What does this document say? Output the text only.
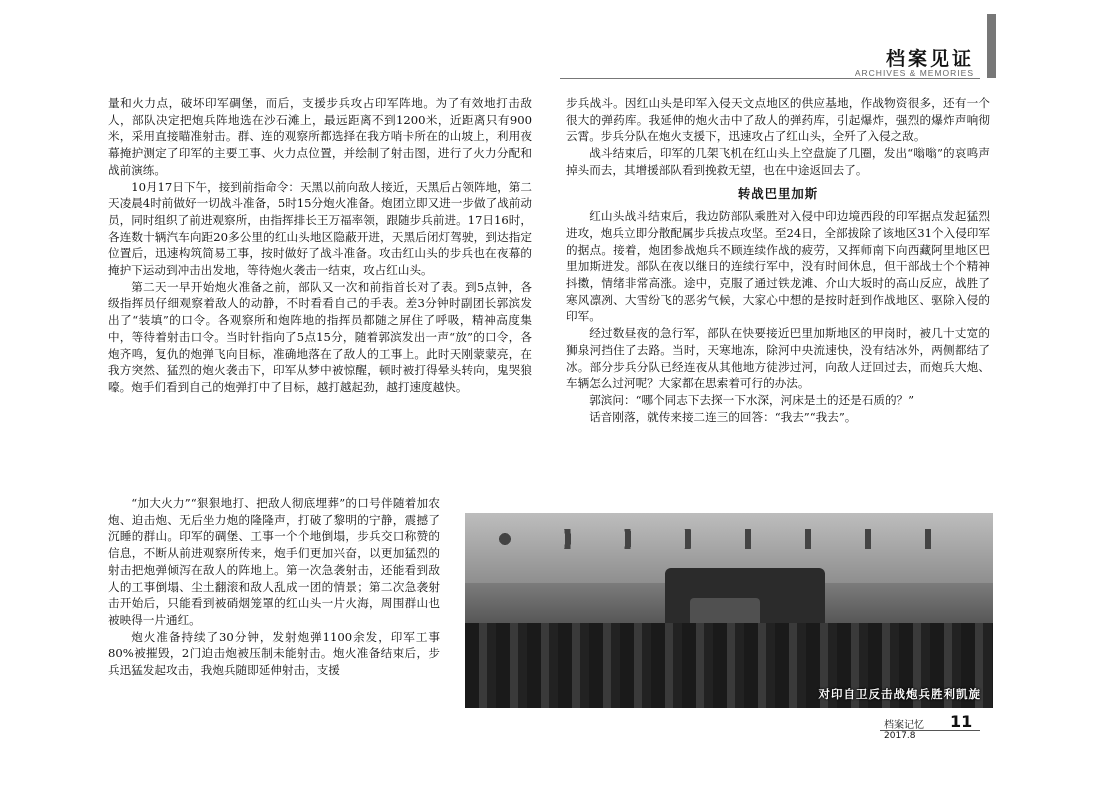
档案见证
ARCHIVES & MEMORIES

量和火力点，破坏印军碉堡，而后，支援步兵攻占印军阵地。为了有效地打击敌人，部队决定把炮兵阵地选在沙石滩上，最远距离不到1200米，近距离只有900米，采用直接瞄准射击。群、连的观察所都选择在我方哨卡所在的山坡上，利用夜幕掩护测定了印军的主要工事、火力点位置，并绘制了射击图，进行了火力分配和战前演练。

10月17日下午，接到前指命令：天黑以前向敌人接近，天黑后占领阵地，第二天凌晨4时前做好一切战斗准备，5时15分炮火准备。炮团立即又进一步做了战前动员，同时组织了前进观察所，由指挥排长王万福率领，跟随步兵前进。17日16时，各连数十辆汽车向距20多公里的红山头地区隐蔽开进，天黑后闭灯驾驶，到达指定位置后，迅速构筑简易工事，按时做好了战斗准备。攻击红山头的步兵也在夜幕的掩护下运动到冲击出发地，等待炮火袭击一结束，攻占红山头。

第二天一早开始炮火准备之前，部队又一次和前指首长对了表。到5点钟，各级指挥员仔细观察着敌人的动静，不时看看自己的手表。差3分钟时副团长郭滨发出了“装填”的口令。各观察所和炮阵地的指挥员都随之屏住了呼吸，精神高度集中，等待着射击口令。当时针指向了5点15分，随着郭滨发出一声“放”的口令，各炮齐鸣，复仇的炮弹飞向目标，准确地落在了敌人的工事上。此时天刚蒙蒙亮，在我方突然、猛烈的炮火袭击下，印军从梦中被惊醒，顿时被打得晕头转向，鬼哭狼嚎。炮手们看到自己的炮弹打中了目标，越打越起劲，越打速度越快。

“加大火力”“狠狠地打、把敌人彻底埋葬”的口号伴随着加农炮、迫击炮、无后坐力炮的隆隆声，打破了黎明的宁静，震撼了沉睡的群山。印军的碉堡、工事一个个地倒塌，步兵交口称赞的信息，不断从前进观察所传来，炮手们更加兴奋，以更加猛烈的射击把炮弹倾泻在敌人的阵地上。第一次急袭射击，还能看到敌人的工事倒塌、尘土翻滚和敌人乱成一团的情景；第二次急袭射击开始后，只能看到被硝烟笼罩的红山头一片火海，周围群山也被映得一片通红。

炮火准备持续了30分钟，发射炮弹1100余发，印军工事80%被摧毁，2门迫击炮被压制未能射击。炮火准备结束后，步兵迅猛发起攻击，我炮兵随即延伸射击，支援

步兵战斗。因红山头是印军入侵天文点地区的供应基地，作战物资很多，还有一个很大的弹药库。我延伸的炮火击中了敌人的弹药库，引起爆炸，强烈的爆炸声响彻云霄。步兵分队在炮火支援下，迅速攻占了红山头，全歼了入侵之敌。

战斗结束后，印军的几架飞机在红山头上空盘旋了几圈，发出“嗡嗡”的哀鸣声掉头而去，其增援部队看到挽救无望，也在中途返回去了。

转战巴里加斯

红山头战斗结束后，我边防部队乘胜对入侵中印边境西段的印军据点发起猛烈进攻，炮兵立即分散配属步兵拔点攻坚。至24日，全部拔除了该地区31个入侵印军的据点。接着，炮团参战炮兵不顾连续作战的疲劳，又挥师南下向西藏阿里地区巴里加斯进发。部队在夜以继日的连续行军中，没有时间休息，但干部战士个个精神抖擞，情绪非常高涨。途中，克服了通过铁龙滩、介山大坂时的高山反应，战胜了寒风凛冽、大雪纷飞的恶劣气候，大家心中想的是按时赶到作战地区、驱除入侵的印军。

经过数昼夜的急行军，部队在快要接近巴里加斯地区的甲岗时，被几十丈宽的狮泉河挡住了去路。当时，天寒地冻，除河中央流速快，没有结冰外，两侧都结了冰。部分步兵分队已经连夜从其他地方徒涉过河，向敌人迂回过去，而炮兵大炮、车辆怎么过河呢？大家都在思索着可行的办法。

郭滨问：“哪个同志下去探一下水深，河床是土的还是石质的？”

话音刚落，就传来接二连三的回答：“我去”“我去”。

对印自卫反击战炮兵胜利凯旋
档案记忆 11
2017.8
